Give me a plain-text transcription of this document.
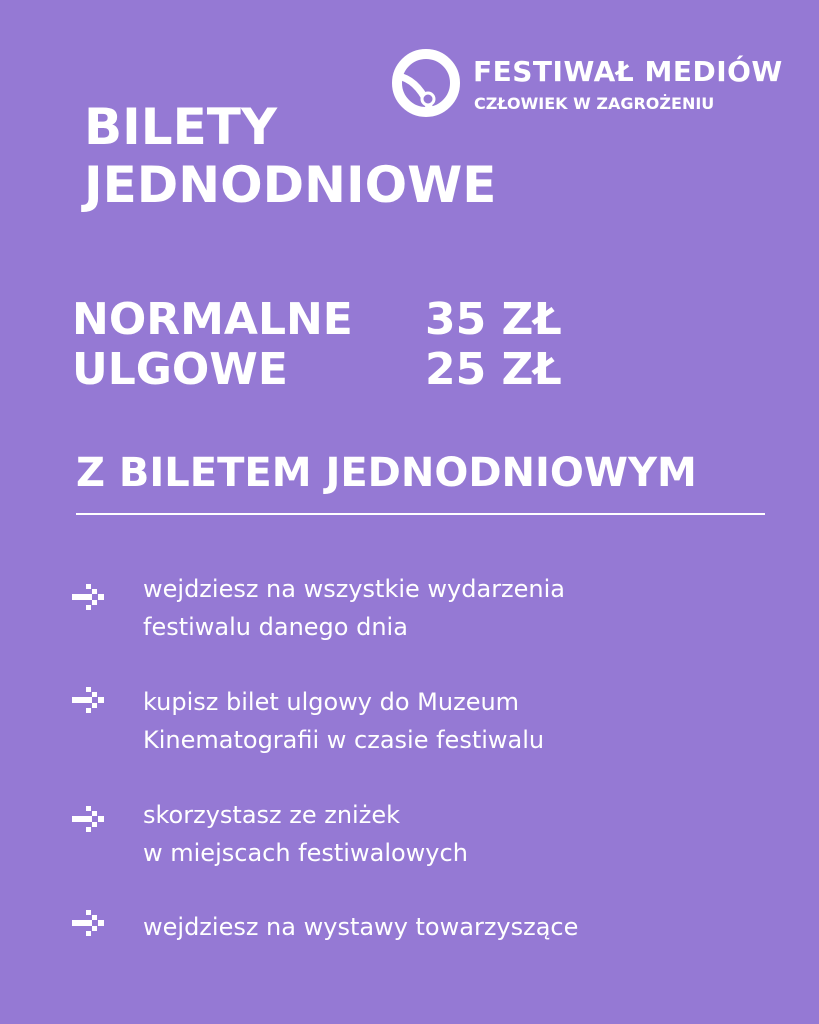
FESTIWAŁ MEDIÓW
CZŁOWIEK W ZAGROŻENIU
BILETY
JEDNODNIOWE
NORMALNE 35 ZŁ
ULGOWE	25 ZŁ
Z BILETEM JEDNODNIOWYM
wejdziesz na wszystkie wydarzenia
festiwalu danego dnia
kupisz bilet ulgowy do Muzeum
Kinematografii w czasie festiwalu
skorzystasz ze zniżek
w miejscach festiwalowych
wejdziesz na wystawy towarzyszące
